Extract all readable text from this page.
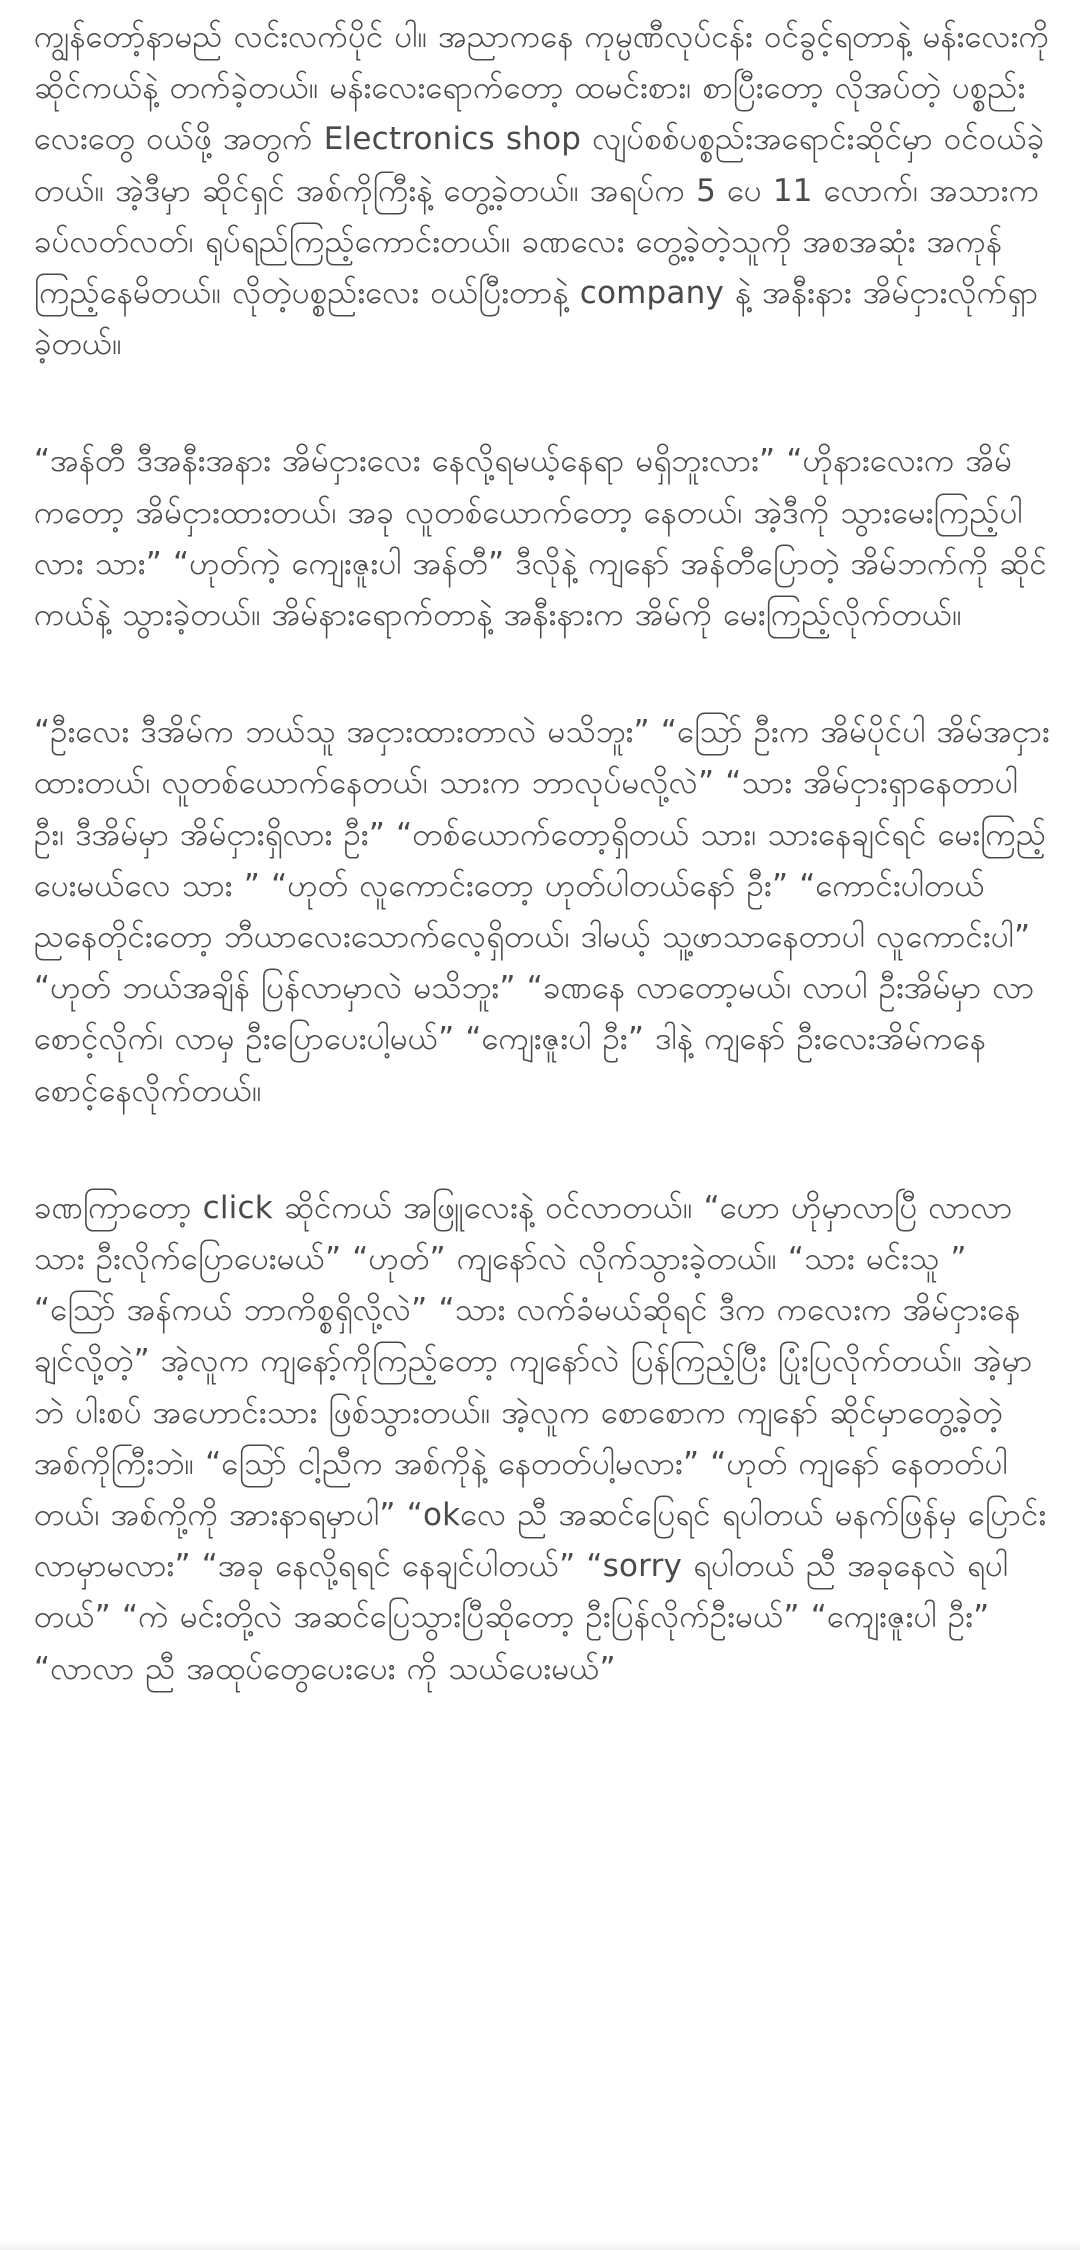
ကျွန်တော့်နာမည် လင်းလက်ပိုင် ပါ။ အညာကနေ ကုမ္ပဏီလုပ်ငန်း ဝင်ခွင့်ရတာနဲ့ မန်းလေးကို ဆိုင်ကယ်နဲ့ တက်ခဲ့တယ်။ မန်းလေးရောက်တော့ ထမင်းစား၊ စာပြီးတော့ လိုအပ်တဲ့ ပစ္စည်းလေးတွေ ဝယ်ဖို့ အတွက် Electronics shop လျပ်စစ်ပစ္စည်းအရောင်းဆိုင်မှာ ဝင်ဝယ်ခဲ့တယ်။ အဲ့ဒီမှာ ဆိုင်ရှင် အစ်ကိုကြီးနဲ့ တွေ့ခဲ့တယ်။ အရပ်က 5 ပေ 11 လောက်၊ အသားက ခပ်လတ်လတ်၊ ရုပ်ရည်ကြည့်ကောင်းတယ်။ ခဏလေး တွေ့ခဲ့တဲ့သူကို အစအဆုံး အကုန်ကြည့်နေမိတယ်။ လိုတဲ့ပစ္စည်းလေး ဝယ်ပြီးတာနဲ့ company နဲ့ အနီးနား အိမ်ငှားလိုက်ရှာခဲ့တယ်။

“အန်တီ ဒီအနီးအနား အိမ်ငှားလေး နေလို့ရမယ့်နေရာ မရှိဘူးလား” “ဟိုနားလေးက အိမ်ကတော့ အိမ်ငှားထားတယ်၊ အခု လူတစ်ယောက်တော့ နေတယ်၊ အဲ့ဒီကို သွားမေးကြည့်ပါလား သား” “ဟုတ်ကဲ့ ကျေးဇူးပါ အန်တီ” ဒီလိုနဲ့ ကျနော် အန်တီပြောတဲ့ အိမ်ဘက်ကို ဆိုင်ကယ်နဲ့ သွားခဲ့တယ်။ အိမ်နားရောက်တာနဲ့ အနီးနားက အိမ်ကို မေးကြည့်လိုက်တယ်။

“ဦးလေး ဒီအိမ်က ဘယ်သူ အငှားထားတာလဲ မသိဘူး” “သြော် ဦးက အိမ်ပိုင်ပါ အိမ်အငှားထားတယ်၊ လူတစ်ယောက်နေတယ်၊ သားက ဘာလုပ်မလို့လဲ” “သား အိမ်ငှားရှာနေတာပါ ဦး၊ ဒီအိမ်မှာ အိမ်ငှားရှိလား ဦး” “တစ်ယောက်တော့ရှိတယ် သား၊ သားနေချင်ရင် မေးကြည့်ပေးမယ်လေ သား ” “ဟုတ် လူကောင်းတော့ ဟုတ်ပါတယ်နော် ဦး” “ကောင်းပါတယ် ညနေတိုင်းတော့ ဘီယာလေးသောက်လေ့ရှိတယ်၊ ဒါမယ့် သူ့ဖာသာနေတာပါ လူကောင်းပါ” “ဟုတ် ဘယ်အချိန် ပြန်လာမှာလဲ မသိဘူး” “ခဏနေ လာတော့မယ်၊ လာပါ ဦးအိမ်မှာ လာစောင့်လိုက်၊ လာမှ ဦးပြောပေးပါ့မယ်” “ကျေးဇူးပါ ဦး” ဒါနဲ့ ကျနော် ဦးလေးအိမ်ကနေ စောင့်နေလိုက်တယ်။

ခဏကြာတော့ click ဆိုင်ကယ် အဖြူလေးနဲ့ ဝင်လာတယ်။ “ဟော ဟိုမှာလာပြီ လာလာ သား ဦးလိုက်ပြောပေးမယ်” “ဟုတ်” ကျနော်လဲ လိုက်သွားခဲ့တယ်။ “သား မင်းသူ ” “သြော် အန်ကယ် ဘာကိစ္စရှိလို့လဲ” “သား လက်ခံမယ်ဆိုရင် ဒီက ကလေးက အိမ်ငှားနေချင်လို့တဲ့” အဲ့လူက ကျနော့်ကိုကြည့်တော့ ကျနော်လဲ ပြန်ကြည့်ပြီး ပြုံးပြလိုက်တယ်။ အဲ့မှာ ဘဲ ပါးစပ် အဟောင်းသား ဖြစ်သွားတယ်။ အဲ့လူက စောစောက ကျနော် ဆိုင်မှာတွေ့ခဲ့တဲ့ အစ်ကိုကြီးဘဲ။ “သြော် ငါ့ညီက အစ်ကိုနဲ့ နေတတ်ပါ့မလား” “ဟုတ် ကျနော် နေတတ်ပါတယ်၊ အစ်ကို့ကို အားနာရမှာပါ” “okလေ ညီ အဆင်ပြေရင် ရပါတယ် မနက်ဖြန်မှ ပြောင်းလာမှာမလား” “အခု နေလို့ရရင် နေချင်ပါတယ်” “sorry ရပါတယ် ညီ အခုနေလဲ ရပါတယ်” “ကဲ မင်းတို့လဲ အဆင်ပြေသွားပြီဆိုတော့ ဦးပြန်လိုက်ဦးမယ်” “ကျေးဇူးပါ ဦး” “လာလာ ညီ အထုပ်တွေပေးပေး ကို သယ်ပေးမယ်”
